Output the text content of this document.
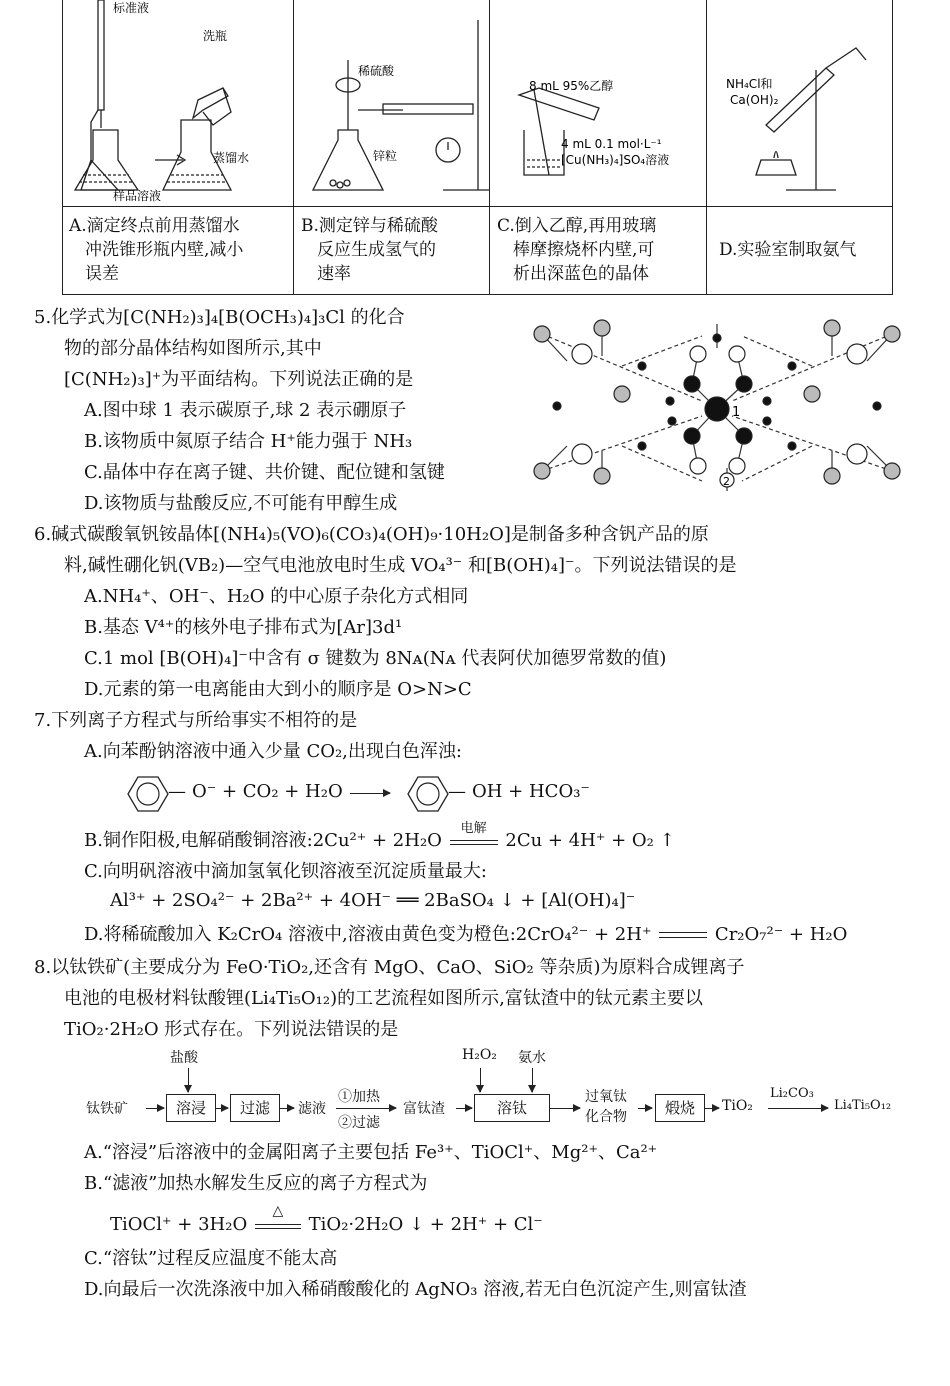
标准液
洗瓶
蒸馏水
样品溶液
稀硫酸
锌粒
8 mL 95%乙醇
4 mL 0.1 mol·L⁻¹
[Cu(NH₃)₄]SO₄溶液
NH₄Cl和
Ca(OH)₂
A.滴定终点前用蒸馏水
冲洗锥形瓶内壁,减小
误差
B.测定锌与稀硫酸
反应生成氢气的
速率
C.倒入乙醇,再用玻璃
棒摩擦烧杯内壁,可
析出深蓝色的晶体
D.实验室制取氨气
5.化学式为[C(NH₂)₃]₄[B(OCH₃)₄]₃Cl 的化合
物的部分晶体结构如图所示,其中
[C(NH₂)₃]⁺为平面结构。下列说法正确的是
A.图中球 1 表示碳原子,球 2 表示硼原子
B.该物质中氮原子结合 H⁺能力强于 NH₃
C.晶体中存在离子键、共价键、配位键和氢键
D.该物质与盐酸反应,不可能有甲醇生成
1
2
6.碱式碳酸氧钒铵晶体[(NH₄)₅(VO)₆(CO₃)₄(OH)₉·10H₂O]是制备多种含钒产品的原
料,碱性硼化钒(VB₂)—空气电池放电时生成 VO₄³⁻ 和[B(OH)₄]⁻。下列说法错误的是
A.NH₄⁺、OH⁻、H₂O 的中心原子杂化方式相同
B.基态 V⁴⁺的核外电子排布式为[Ar]3d¹
C.1 mol [B(OH)₄]⁻中含有 σ 键数为 8Nᴀ(Nᴀ 代表阿伏加德罗常数的值)
D.元素的第一电离能由大到小的顺序是 O>N>C
7.下列离子方程式与所给事实不相符的是
A.向苯酚钠溶液中通入少量 CO₂,出现白色浑浊:
— O⁻ + CO₂ + H₂O →	— OH + HCO₃⁻
B.铜作阳极,电解硝酸铜溶液:2Cu²⁺ + 2H₂O
电解
2Cu + 4H⁺ + O₂ ↑
C.向明矾溶液中滴加氢氧化钡溶液至沉淀质量最大:
Al³⁺ + 2SO₄²⁻ + 2Ba²⁺ + 4OH⁻ ══ 2BaSO₄ ↓ + [Al(OH)₄]⁻
D.将稀硫酸加入 K₂CrO₄ 溶液中,溶液由黄色变为橙色:2CrO₄²⁻ + 2H⁺	Cr₂O₇²⁻ + H₂O
8.以钛铁矿(主要成分为 FeO·TiO₂,还含有 MgO、CaO、SiO₂ 等杂质)为原料合成锂离子
电池的电极材料钛酸锂(Li₄Ti₅O₁₂)的工艺流程如图所示,富钛渣中的钛元素主要以
TiO₂·2H₂O 形式存在。下列说法错误的是
钛铁矿
盐酸
溶浸	过滤	滤液
①加热
②过滤
富钛渣
H₂O₂ 氨水
溶钛
过氧钛
化合物	煅烧	TiO₂
Li₂CO₃
Li₄Ti₅O₁₂
A.“溶浸”后溶液中的金属阳离子主要包括 Fe³⁺、TiOCl⁺、Mg²⁺、Ca²⁺
B.“滤液”加热水解发生反应的离子方程式为
TiOCl⁺ + 3H₂O
△
TiO₂·2H₂O ↓ + 2H⁺ + Cl⁻
C.“溶钛”过程反应温度不能太高
D.向最后一次洗涤液中加入稀硝酸酸化的 AgNO₃ 溶液,若无白色沉淀产生,则富钛渣
